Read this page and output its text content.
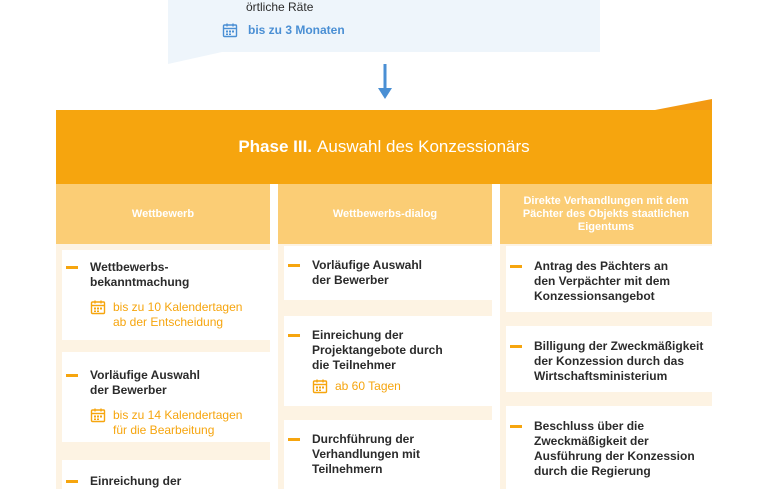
örtliche Räte
bis zu 3 Monaten
Phase III. Auswahl des Konzessionärs
Wettbewerb
Wettbewerbs-
bekanntmachung
bis zu 10 Kalendertagen
ab der Entscheidung
Vorläufige Auswahl
der Bewerber
bis zu 14 Kalendertagen
für die Bearbeitung
Einreichung der
Wettbewerbs-dialog
Vorläufige Auswahl
der Bewerber
Einreichung der
Projektangebote durch
die Teilnehmer
ab 60 Tagen
Durchführung der
Verhandlungen mit
Teilnehmern
Direkte Verhandlungen mit dem Pächter des Objekts staatlichen Eigentums
Antrag des Pächters an
den Verpächter mit dem
Konzessionsangebot
Billigung der Zweckmäßigkeit
der Konzession durch das
Wirtschaftsministerium
Beschluss über die
Zweckmäßigkeit der
Ausführung der Konzession
durch die Regierung
